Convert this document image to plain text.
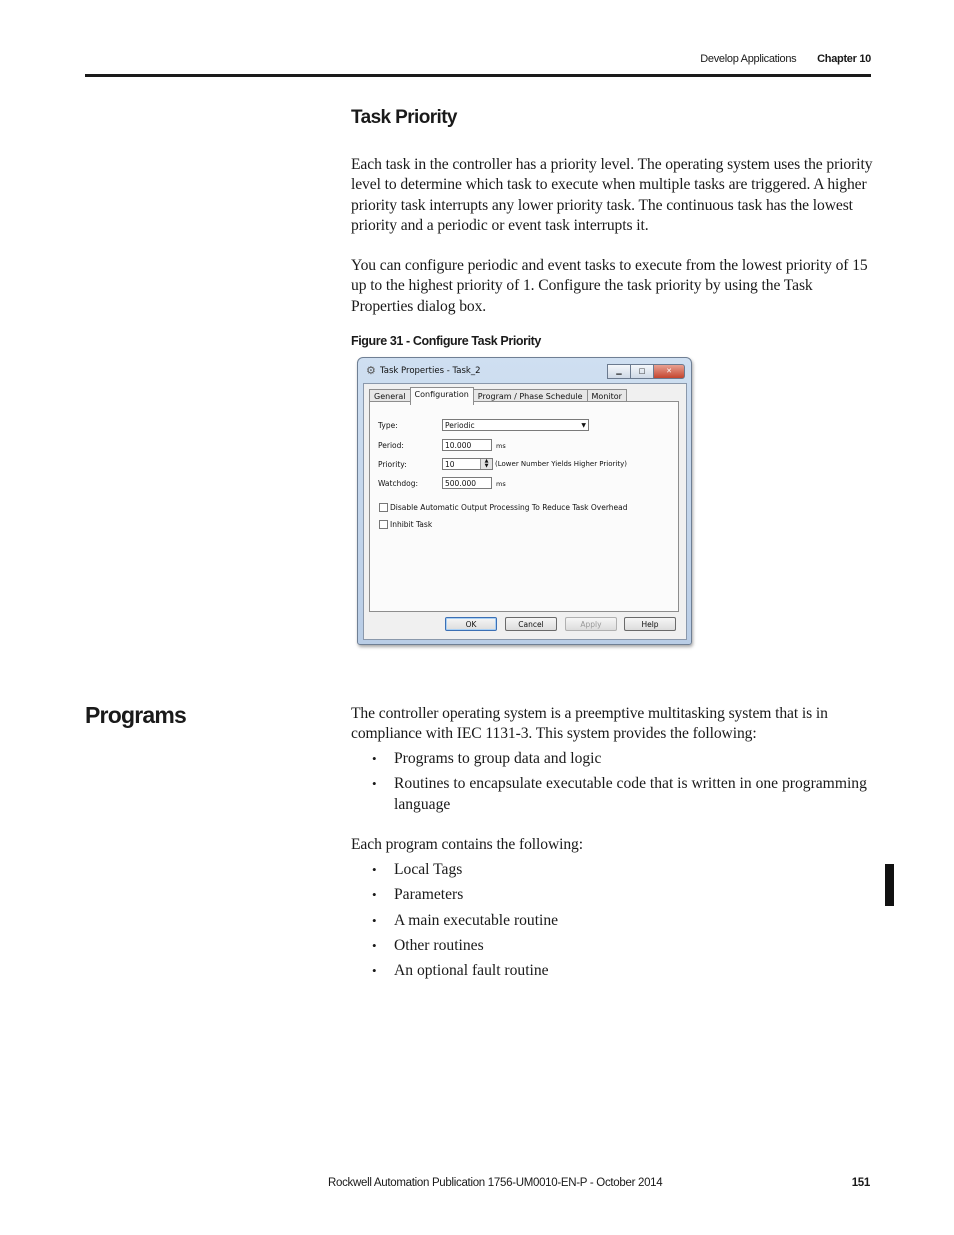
Develop Applications Chapter 10
Task Priority

Each task in the controller has a priority level. The operating system uses the priority level to determine which task to execute when multiple tasks are triggered. A higher priority task interrupts any lower priority task. The continuous task has the lowest priority and a periodic or event task interrupts it.

You can configure periodic and event tasks to execute from the lowest priority of 15 up to the highest priority of 1. Configure the task priority by using the Task Properties dialog box.

Figure 31 - Configure Task Priority
⚙ Task Properties - Task_2	▁	□	✕
General	Configuration	Program / Phase Schedule	Monitor
Type:	Periodic	▼
Period:	10.000	ms
Priority:	10	▲
▼ (Lower Number Yields Higher Priority)
Watchdog:	500.000	ms
Disable Automatic Output Processing To Reduce Task Overhead
Inhibit Task
OK	Cancel	Apply	Help
Programs	The controller operating system is a preemptive multitasking system that is in compliance with IEC 1131-3. This system provides the following:

• Programs to group data and logic
• Routines to encapsulate executable code that is written in one programming language

Each program contains the following:

• Local Tags
• Parameters
• A main executable routine
• Other routines
• An optional fault routine
Rockwell Automation Publication 1756-UM0010-EN-P - October 2014	151
